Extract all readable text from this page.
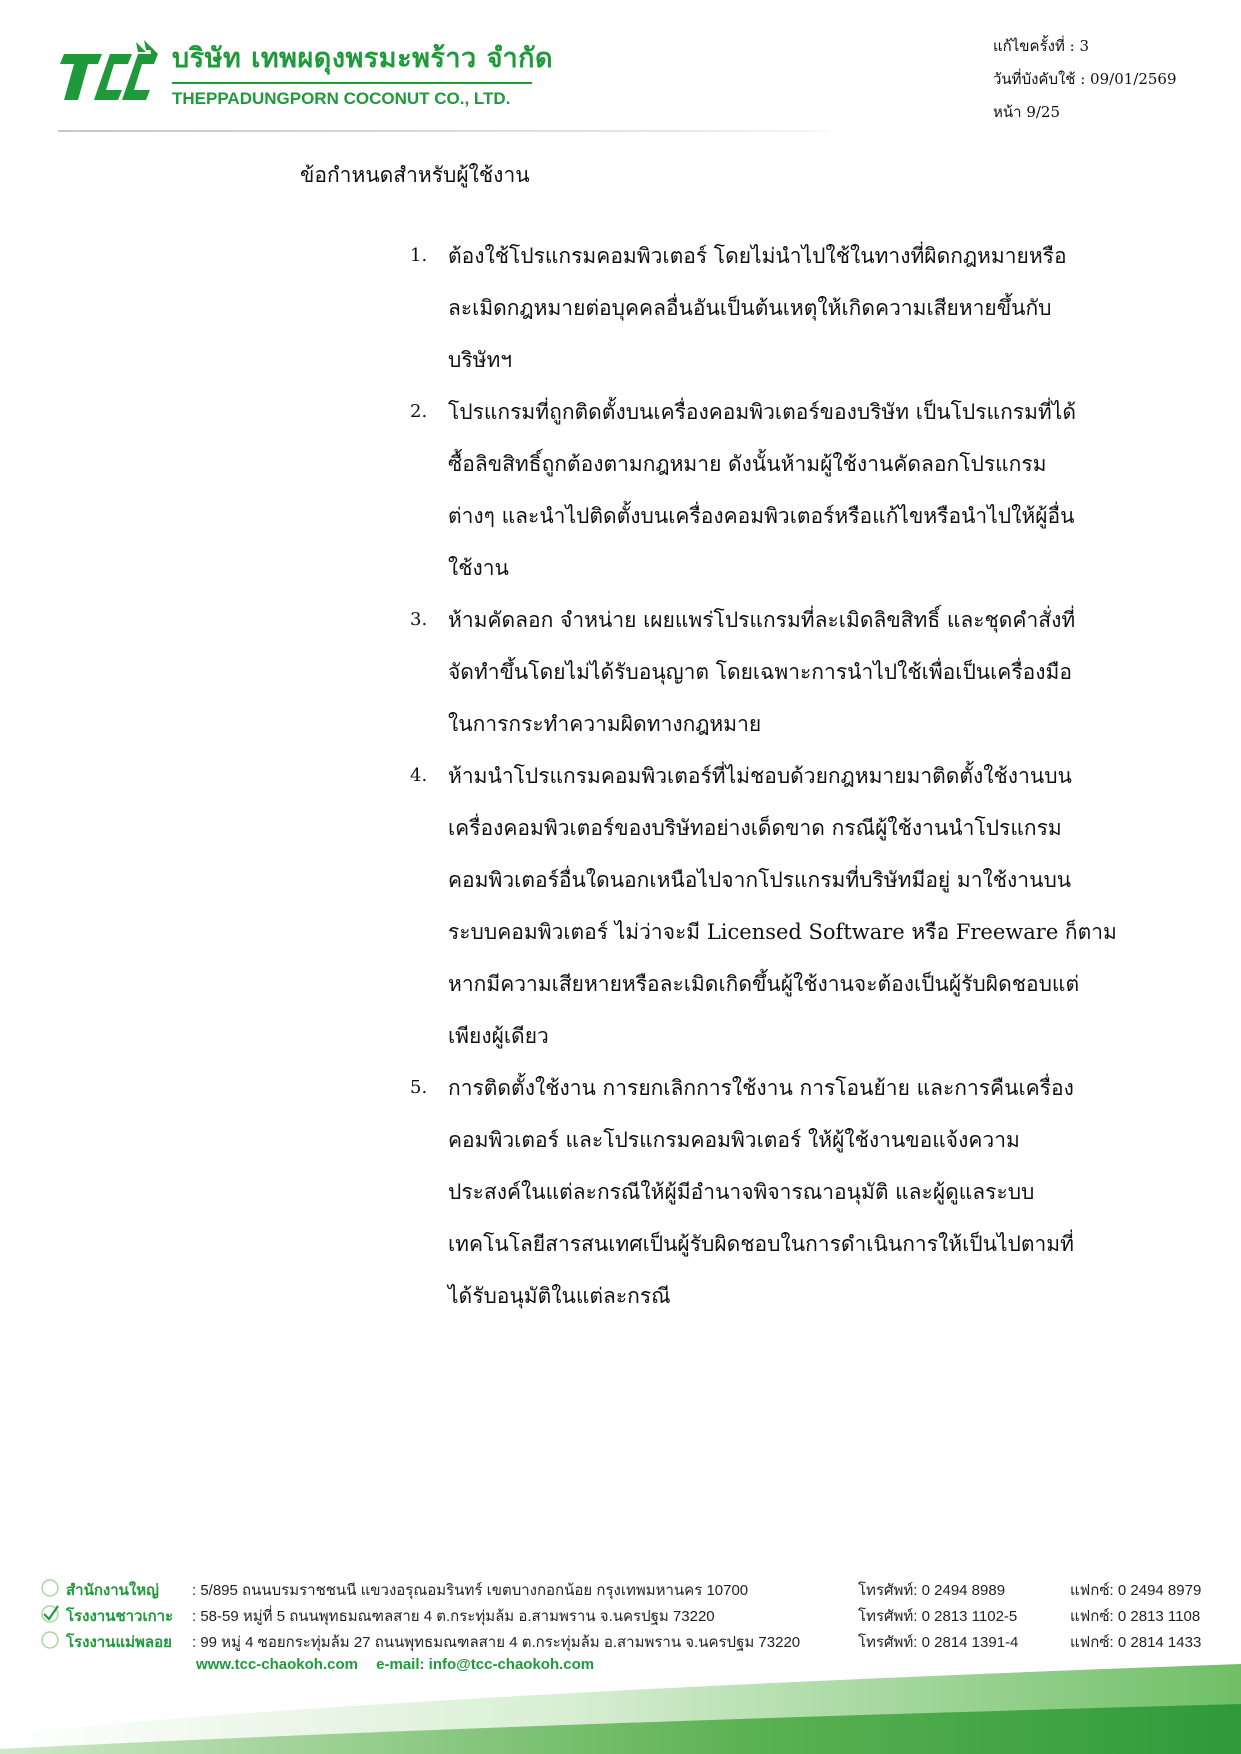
บริษัท เทพผดุงพรมะพร้าว จำกัด
THEPPADUNGPORN COCONUT CO., LTD.
แก้ไขครั้งที่ : 3
วันที่บังคับใช้ : 09/01/2569
หน้า 9/25
ข้อกำหนดสำหรับผู้ใช้งาน
1. ต้องใช้โปรแกรมคอมพิวเตอร์ โดยไม่นำไปใช้ในทางที่ผิดกฎหมายหรือ
ละเมิดกฎหมายต่อบุคคลอื่นอันเป็นต้นเหตุให้เกิดความเสียหายขึ้นกับ
บริษัทฯ
2. โปรแกรมที่ถูกติดตั้งบนเครื่องคอมพิวเตอร์ของบริษัท เป็นโปรแกรมที่ได้
ซื้อลิขสิทธิ์ถูกต้องตามกฎหมาย ดังนั้นห้ามผู้ใช้งานคัดลอกโปรแกรม
ต่างๆ และนำไปติดตั้งบนเครื่องคอมพิวเตอร์หรือแก้ไขหรือนำไปให้ผู้อื่น
ใช้งาน
3. ห้ามคัดลอก จำหน่าย เผยแพร่โปรแกรมที่ละเมิดลิขสิทธิ์ และชุดคำสั่งที่
จัดทำขึ้นโดยไม่ได้รับอนุญาต โดยเฉพาะการนำไปใช้เพื่อเป็นเครื่องมือ
ในการกระทำความผิดทางกฎหมาย
4. ห้ามนำโปรแกรมคอมพิวเตอร์ที่ไม่ชอบด้วยกฎหมายมาติดตั้งใช้งานบน
เครื่องคอมพิวเตอร์ของบริษัทอย่างเด็ดขาด กรณีผู้ใช้งานนำโปรแกรม
คอมพิวเตอร์อื่นใดนอกเหนือไปจากโปรแกรมที่บริษัทมีอยู่ มาใช้งานบน
ระบบคอมพิวเตอร์ ไม่ว่าจะมี Licensed Software หรือ Freeware ก็ตาม
หากมีความเสียหายหรือละเมิดเกิดขึ้นผู้ใช้งานจะต้องเป็นผู้รับผิดชอบแต่
เพียงผู้เดียว
5. การติดตั้งใช้งาน การยกเลิกการใช้งาน การโอนย้าย และการคืนเครื่อง
คอมพิวเตอร์ และโปรแกรมคอมพิวเตอร์ ให้ผู้ใช้งานขอแจ้งความ
ประสงค์ในแต่ละกรณีให้ผู้มีอำนาจพิจารณาอนุมัติ และผู้ดูแลระบบ
เทคโนโลยีสารสนเทศเป็นผู้รับผิดชอบในการดำเนินการให้เป็นไปตามที่
ได้รับอนุมัติในแต่ละกรณี
สำนักงานใหญ่ : 5/895 ถนนบรมราชชนนี แขวงอรุณอมรินทร์ เขตบางกอกน้อย กรุงเทพมหานคร 10700	โทรศัพท์: 0 2494 8989	แฟกซ์: 0 2494 8979
โรงงานชาวเกาะ : 58-59 หมู่ที่ 5 ถนนพุทธมณฑลสาย 4 ต.กระทุ่มล้ม อ.สามพราน จ.นครปฐม 73220	โทรศัพท์: 0 2813 1102-5	แฟกซ์: 0 2813 1108
โรงงานแม่พลอย : 99 หมู่ 4 ซอยกระทุ่มล้ม 27 ถนนพุทธมณฑลสาย 4 ต.กระทุ่มล้ม อ.สามพราน จ.นครปฐม 73220	โทรศัพท์: 0 2814 1391-4	แฟกซ์: 0 2814 1433
www.tcc-chaokoh.com e-mail: info@tcc-chaokoh.com
